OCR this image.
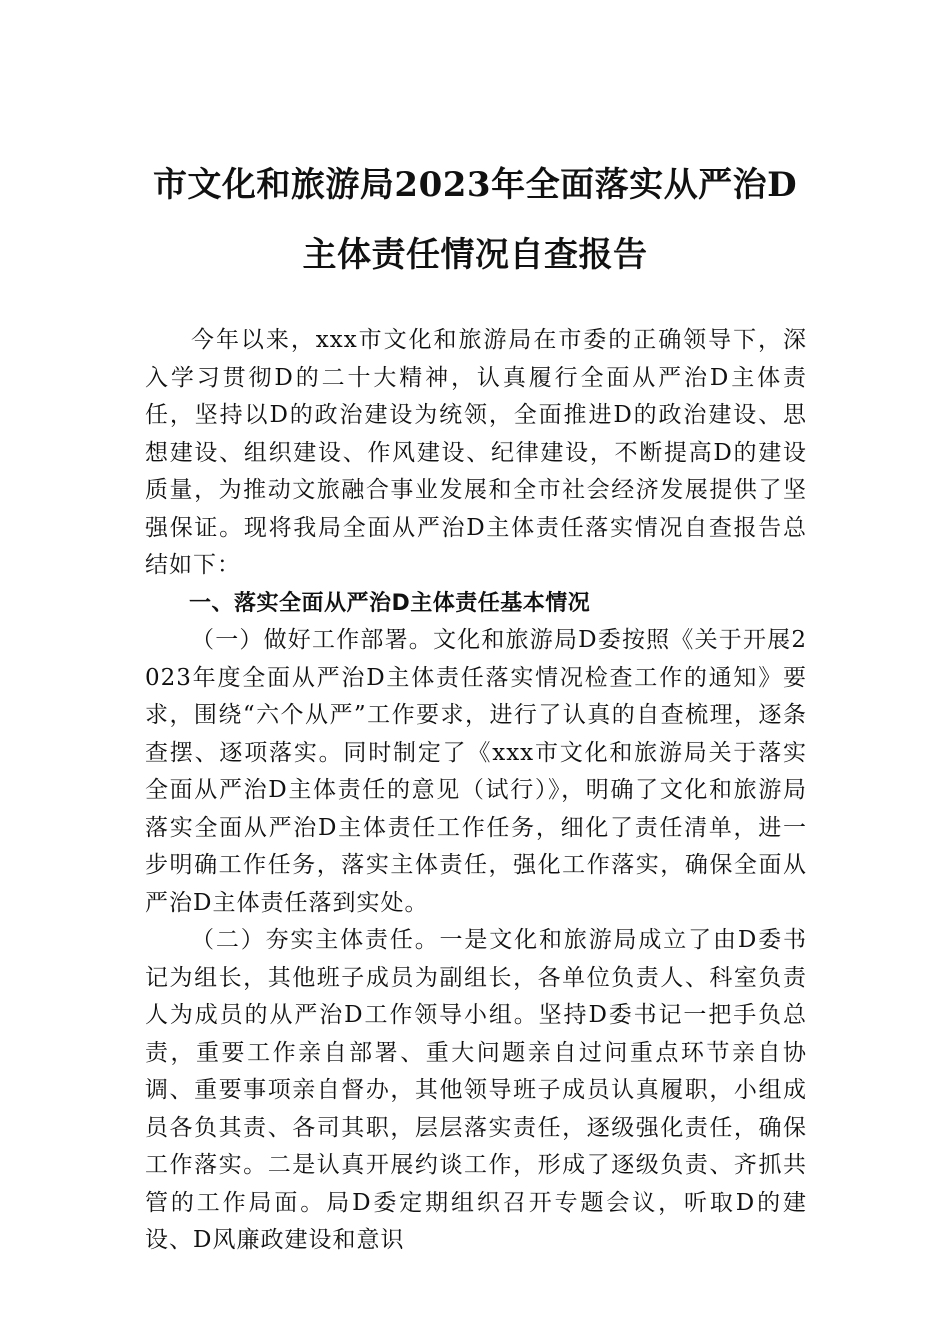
市文化和旅游局2023年全面落实从严治D
主体责任情况自查报告

今年以来，xxx市文化和旅游局在市委的正确领导下，深入学习贯彻D的二十大精神，认真履行全面从严治D主体责任，坚持以D的政治建设为统领，全面推进D的政治建设、思想建设、组织建设、作风建设、纪律建设，不断提高D的建设质量，为推动文旅融合事业发展和全市社会经济发展提供了坚强保证。现将我局全面从严治D主体责任落实情况自查报告总结如下：

一、落实全面从严治D主体责任基本情况

（一）做好工作部署。文化和旅游局D委按照《关于开展2023年度全面从严治D主体责任落实情况检查工作的通知》要求，围绕“六个从严”工作要求，进行了认真的自查梳理，逐条查摆、逐项落实。同时制定了《xxx市文化和旅游局关于落实全面从严治D主体责任的意见（试行）》，明确了文化和旅游局落实全面从严治D主体责任工作任务，细化了责任清单，进一步明确工作任务，落实主体责任，强化工作落实，确保全面从严治D主体责任落到实处。

（二）夯实主体责任。一是文化和旅游局成立了由D委书记为组长，其他班子成员为副组长，各单位负责人、科室负责人为成员的从严治D工作领导小组。坚持D委书记一把手负总责，重要工作亲自部署、重大问题亲自过问重点环节亲自协调、重要事项亲自督办，其他领导班子成员认真履职，小组成员各负其责、各司其职，层层落实责任，逐级强化责任，确保工作落实。二是认真开展约谈工作，形成了逐级负责、齐抓共管的工作局面。局D委定期组织召开专题会议，听取D的建设、D风廉政建设和意识
